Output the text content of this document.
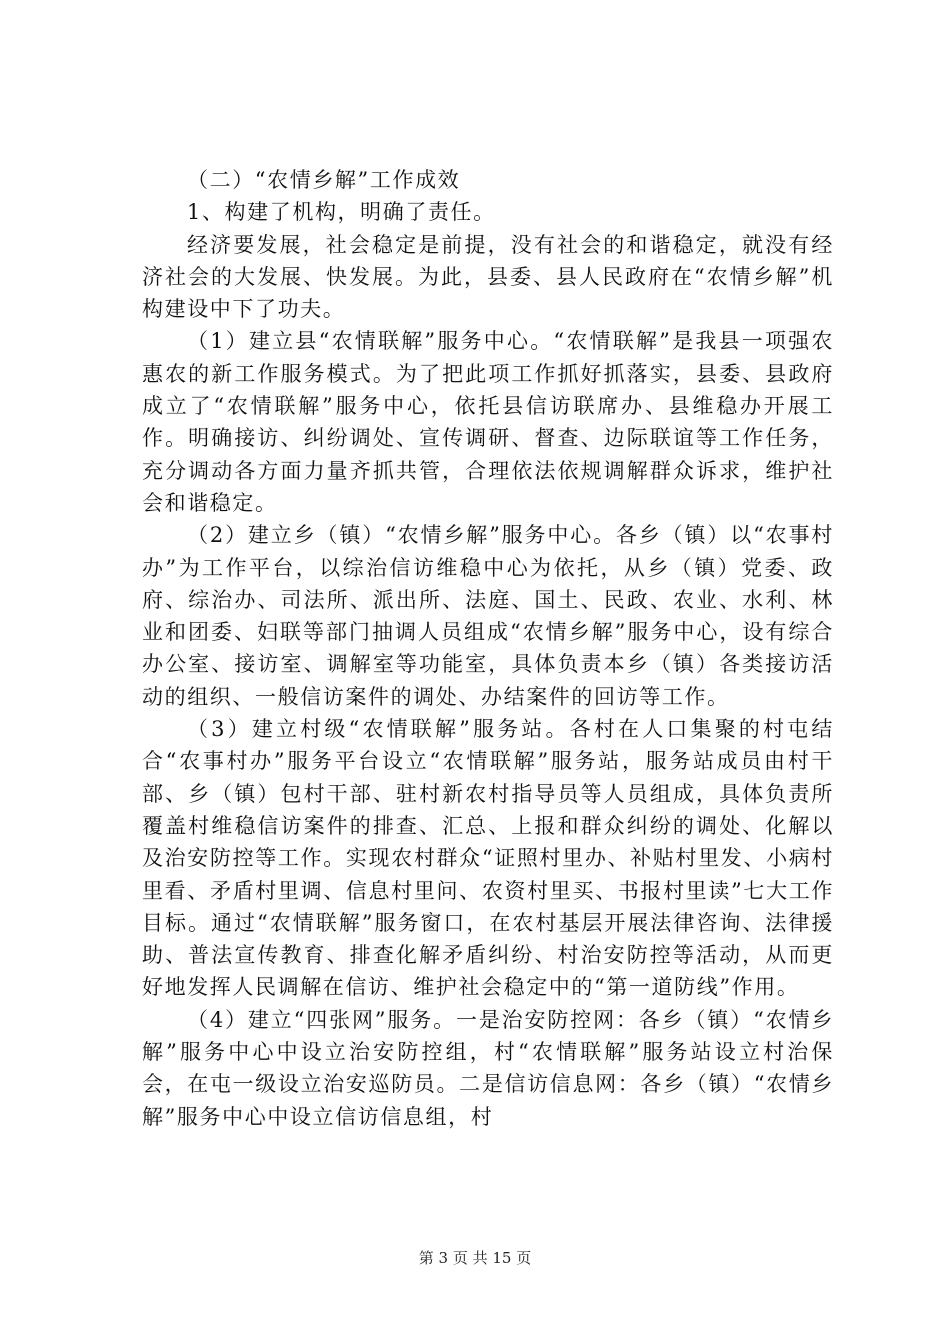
（二）“农情乡解”工作成效

1、构建了机构，明确了责任。

经济要发展，社会稳定是前提，没有社会的和谐稳定，就没有经济社会的大发展、快发展。为此，县委、县人民政府在“农情乡解”机构建设中下了功夫。

（1）建立县“农情联解”服务中心。“农情联解”是我县一项强农惠农的新工作服务模式。为了把此项工作抓好抓落实，县委、县政府成立了“农情联解”服务中心，依托县信访联席办、县维稳办开展工作。明确接访、纠纷调处、宣传调研、督查、边际联谊等工作任务，充分调动各方面力量齐抓共管，合理依法依规调解群众诉求，维护社会和谐稳定。

（2）建立乡（镇）“农情乡解”服务中心。各乡（镇）以“农事村办”为工作平台，以综治信访维稳中心为依托，从乡（镇）党委、政府、综治办、司法所、派出所、法庭、国土、民政、农业、水利、林业和团委、妇联等部门抽调人员组成“农情乡解”服务中心，设有综合办公室、接访室、调解室等功能室，具体负责本乡（镇）各类接访活动的组织、一般信访案件的调处、办结案件的回访等工作。

（3）建立村级“农情联解”服务站。各村在人口集聚的村屯结合“农事村办”服务平台设立“农情联解”服务站，服务站成员由村干部、乡（镇）包村干部、驻村新农村指导员等人员组成，具体负责所覆盖村维稳信访案件的排查、汇总、上报和群众纠纷的调处、化解以及治安防控等工作。实现农村群众“证照村里办、补贴村里发、小病村里看、矛盾村里调、信息村里问、农资村里买、书报村里读”七大工作目标。通过“农情联解”服务窗口，在农村基层开展法律咨询、法律援助、普法宣传教育、排查化解矛盾纠纷、村治安防控等活动，从而更好地发挥人民调解在信访、维护社会稳定中的“第一道防线”作用。

（4）建立“四张网”服务。一是治安防控网：各乡（镇）“农情乡解”服务中心中设立治安防控组，村“农情联解”服务站设立村治保会，在屯一级设立治安巡防员。二是信访信息网：各乡（镇）“农情乡解”服务中心中设立信访信息组，村

第 3 页 共 15 页
